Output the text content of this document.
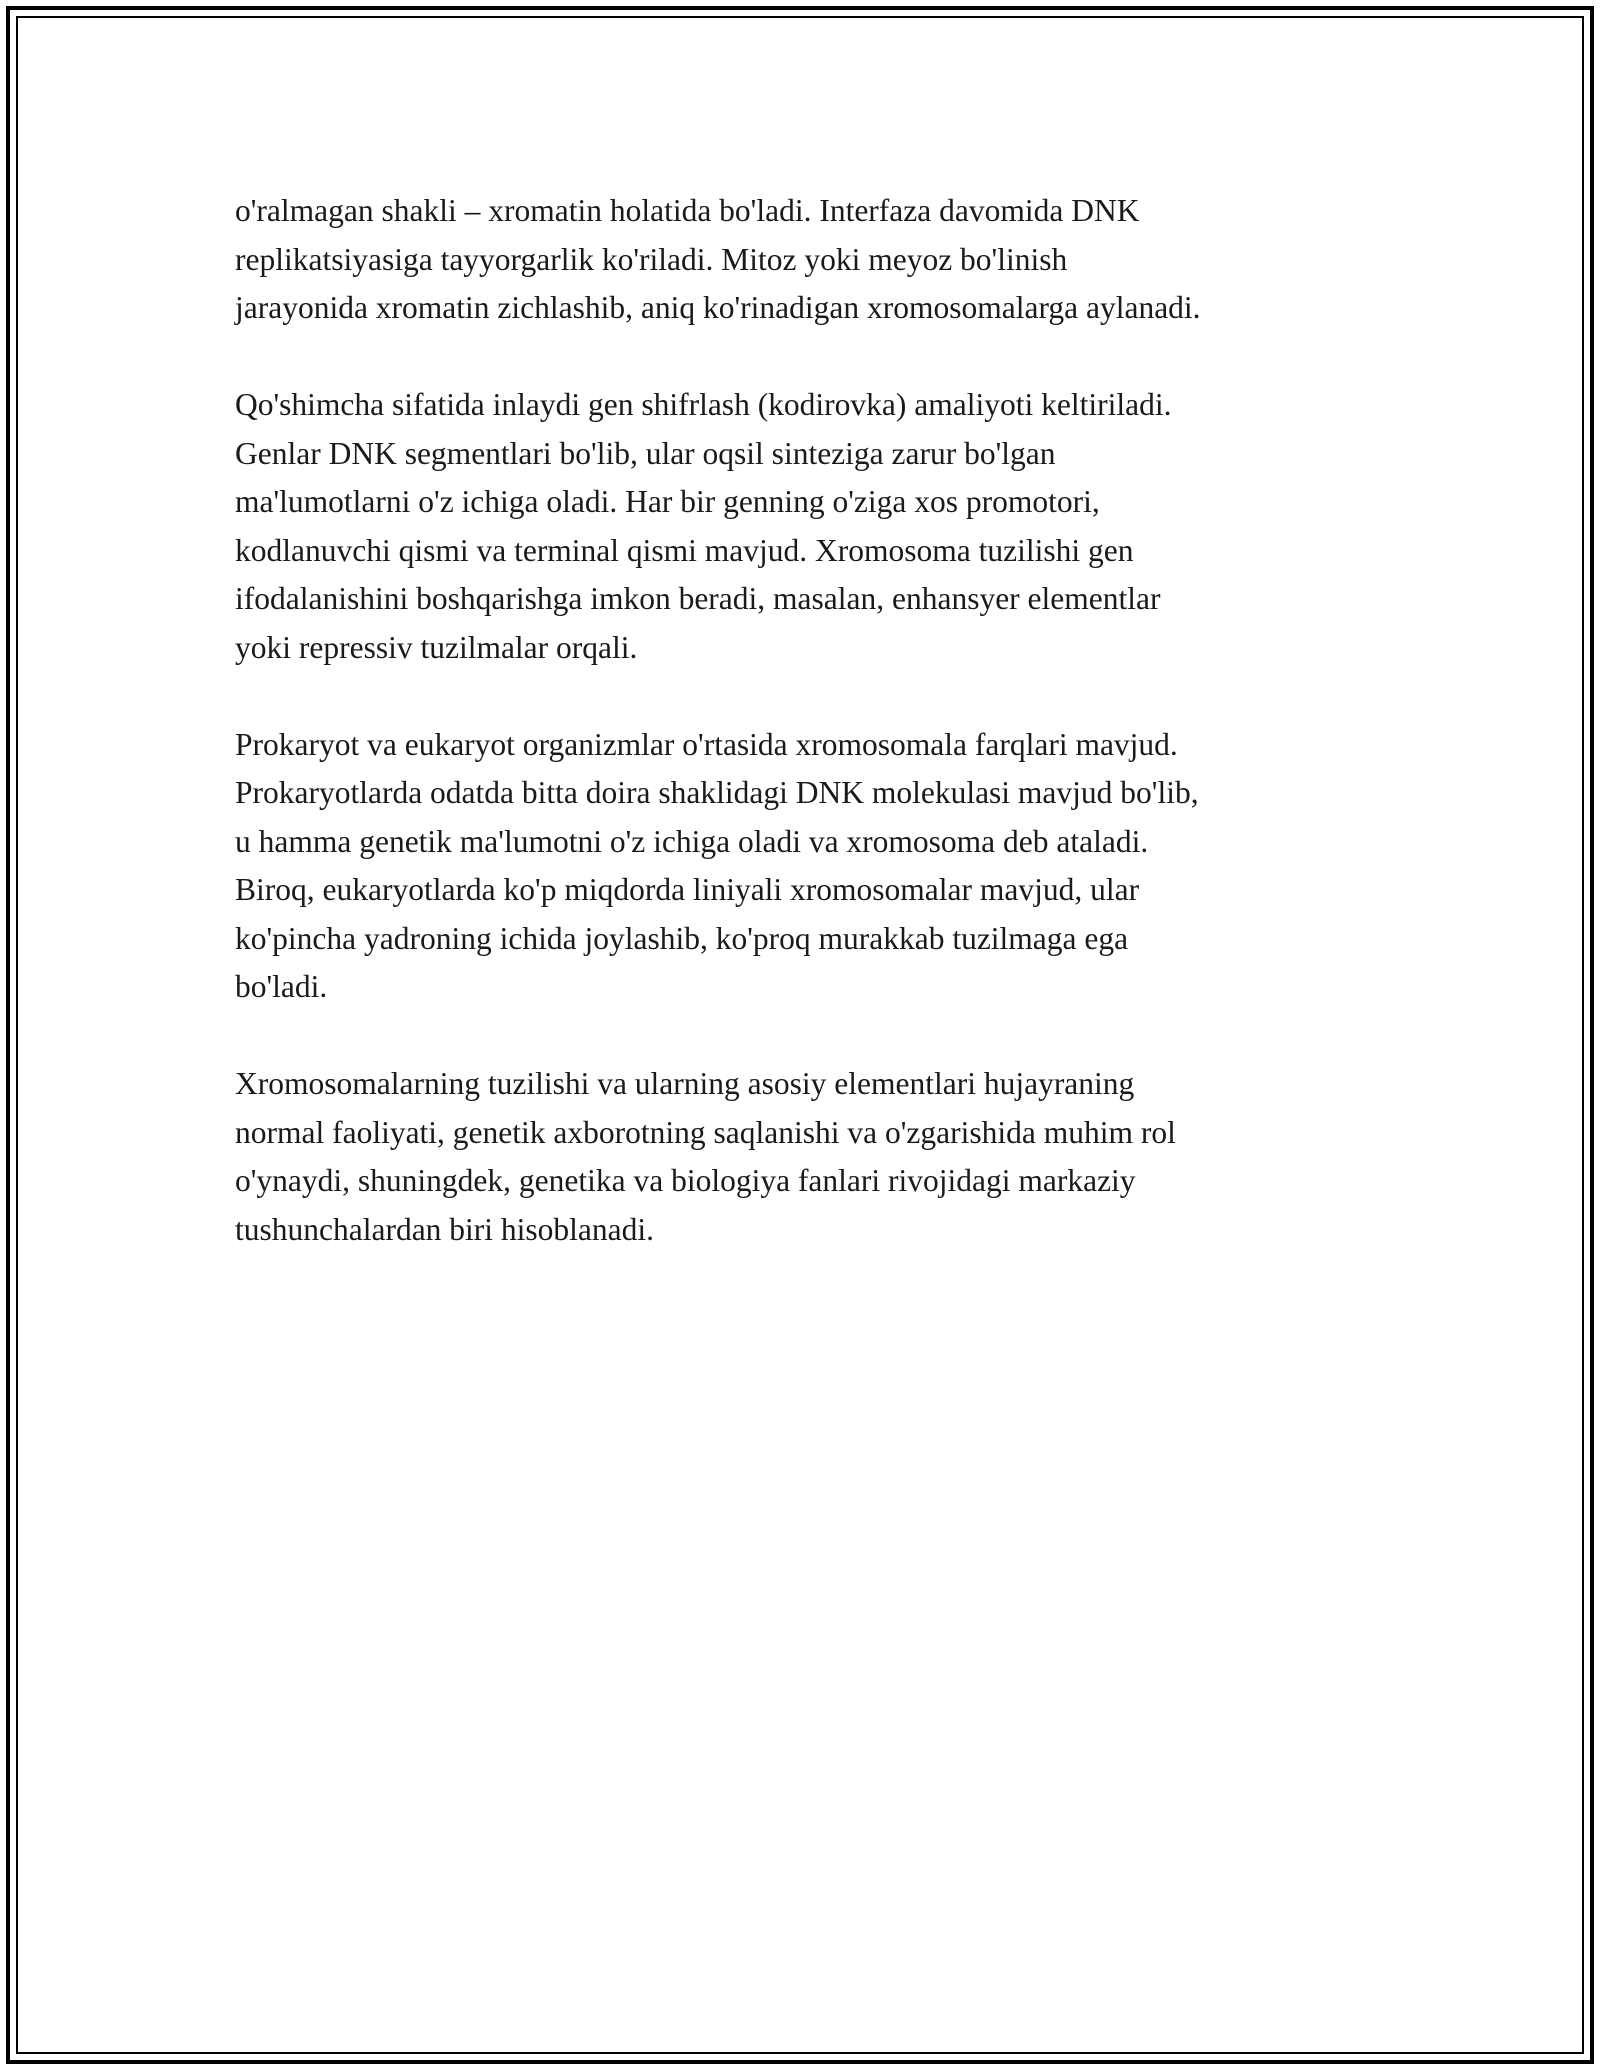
o'ralmagan shakli – xromatin holatida bo'ladi. Interfaza davomida DNK
replikatsiyasiga tayyorgarlik ko'riladi. Mitoz yoki meyoz bo'linish
jarayonida xromatin zichlashib, aniq ko'rinadigan xromosomalarga aylanadi.

Qo'shimcha sifatida inlaydi gen shifrlash (kodirovka) amaliyoti keltiriladi.
Genlar DNK segmentlari bo'lib, ular oqsil sinteziga zarur bo'lgan
ma'lumotlarni o'z ichiga oladi. Har bir genning o'ziga xos promotori,
kodlanuvchi qismi va terminal qismi mavjud. Xromosoma tuzilishi gen
ifodalanishini boshqarishga imkon beradi, masalan, enhansyer elementlar
yoki repressiv tuzilmalar orqali.

Prokaryot va eukaryot organizmlar o'rtasida xromosomala farqlari mavjud.
Prokaryotlarda odatda bitta doira shaklidagi DNK molekulasi mavjud bo'lib,
u hamma genetik ma'lumotni o'z ichiga oladi va xromosoma deb ataladi.
Biroq, eukaryotlarda ko'p miqdorda liniyali xromosomalar mavjud, ular
ko'pincha yadroning ichida joylashib, ko'proq murakkab tuzilmaga ega
bo'ladi.

Xromosomalarning tuzilishi va ularning asosiy elementlari hujayraning
normal faoliyati, genetik axborotning saqlanishi va o'zgarishida muhim rol
o'ynaydi, shuningdek, genetika va biologiya fanlari rivojidagi markaziy
tushunchalardan biri hisoblanadi.
